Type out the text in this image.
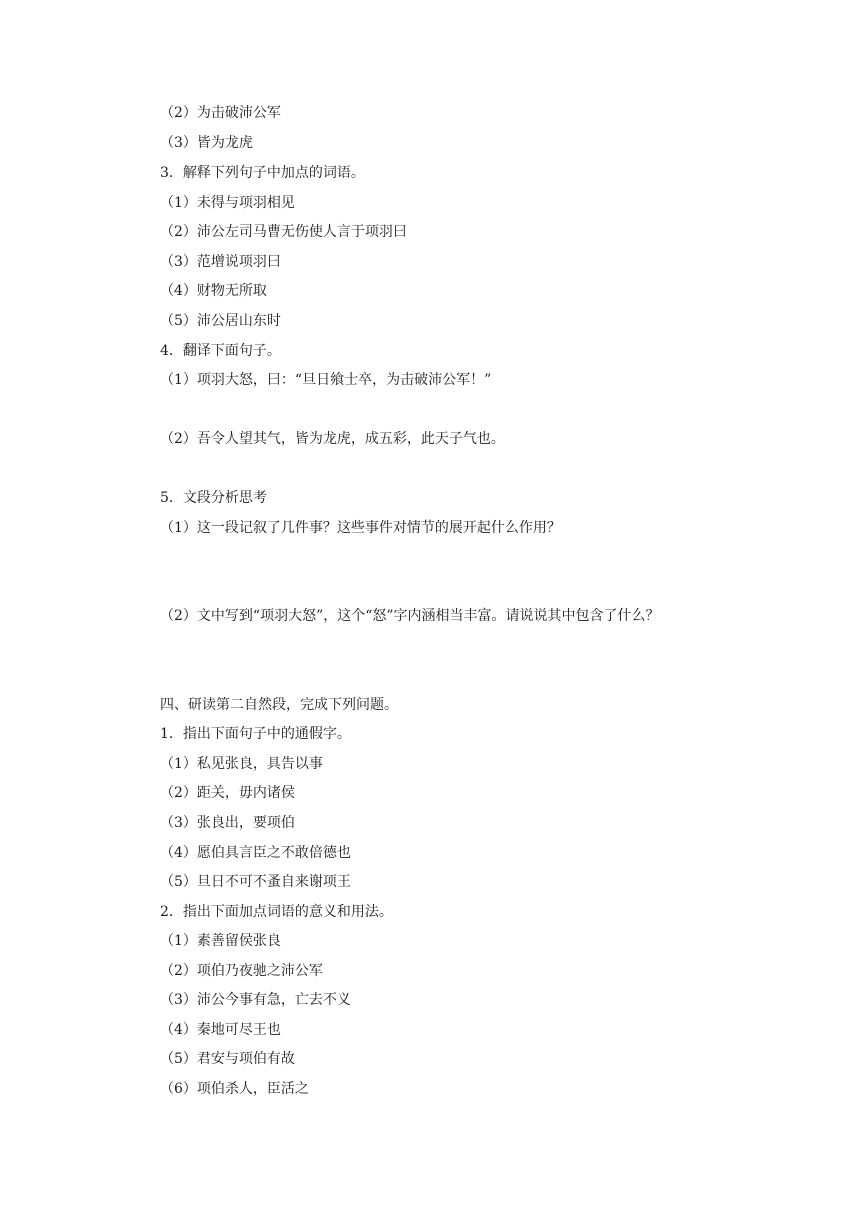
（2）为击破沛公军
（3）皆为龙虎
3．解释下列句子中加点的词语。
（1）未得与项羽相见
（2）沛公左司马曹无伤使人言于项羽曰
（3）范增说项羽曰
（4）财物无所取
（5）沛公居山东时
4．翻译下面句子。
（1）项羽大怒，曰：“旦日飨士卒，为击破沛公军！”
（2）吾令人望其气，皆为龙虎，成五彩，此天子气也。
5．文段分析思考
（1）这一段记叙了几件事？这些事件对情节的展开起什么作用？
（2）文中写到“项羽大怒”，这个“怒”字内涵相当丰富。请说说其中包含了什么？
四、研读第二自然段，完成下列问题。
1．指出下面句子中的通假字。
（1）私见张良，具告以事
（2）距关，毋内诸侯
（3）张良出，要项伯
（4）愿伯具言臣之不敢倍德也
（5）旦日不可不蚤自来谢项王
2．指出下面加点词语的意义和用法。
（1）素善留侯张良
（2）项伯乃夜驰之沛公军
（3）沛公今事有急，亡去不义
（4）秦地可尽王也
（5）君安与项伯有故
（6）项伯杀人，臣活之
